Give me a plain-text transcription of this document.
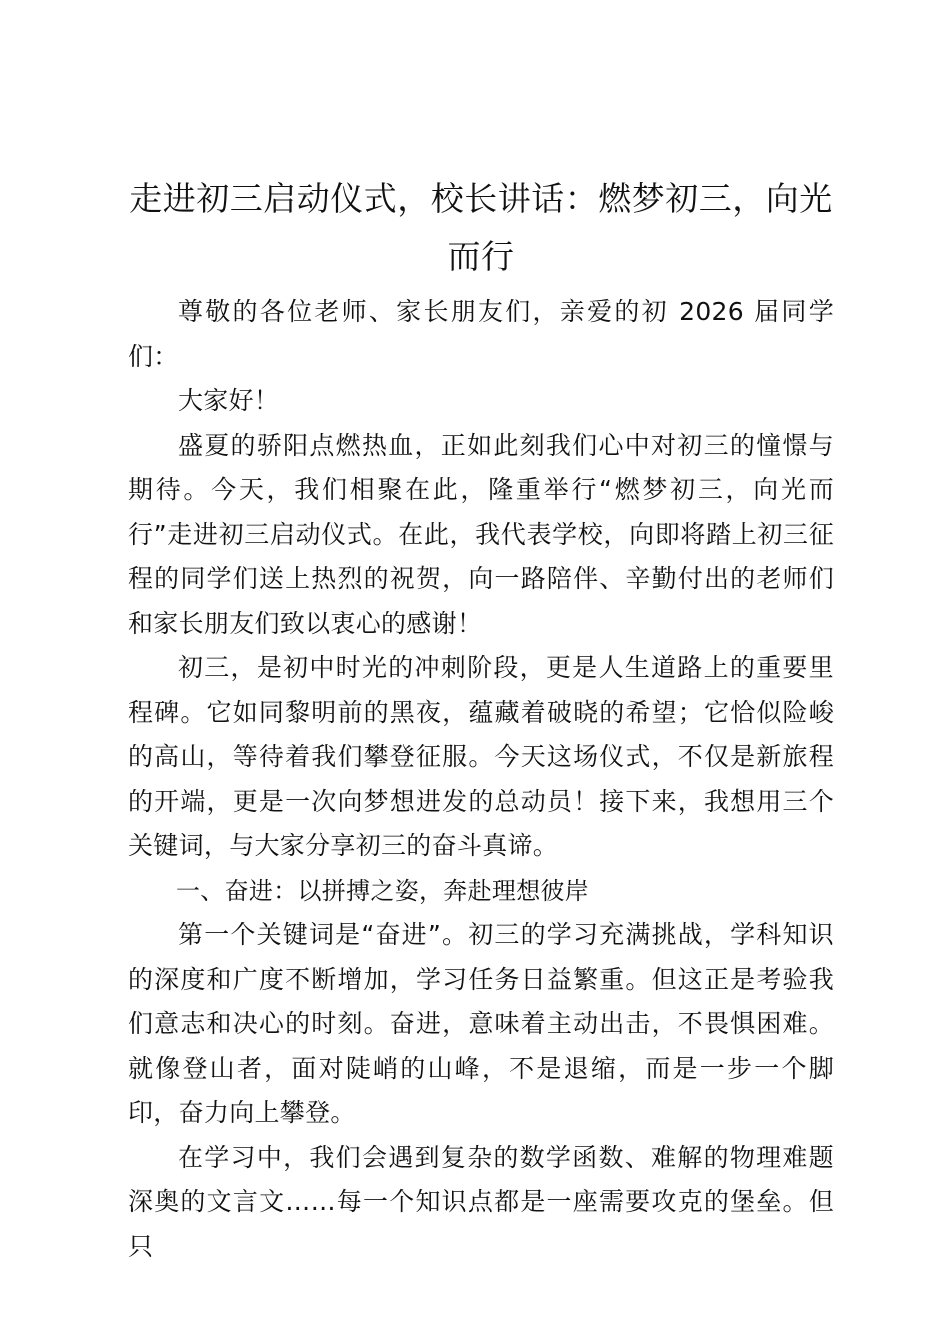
走进初三启动仪式，校长讲话：燃梦初三，向光而行

尊敬的各位老师、家长朋友们，亲爱的初 2026 届同学们：

大家好！

盛夏的骄阳点燃热血，正如此刻我们心中对初三的憧憬与期待。今天，我们相聚在此，隆重举行“燃梦初三，向光而行”走进初三启动仪式。在此，我代表学校，向即将踏上初三征程的同学们送上热烈的祝贺，向一路陪伴、辛勤付出的老师们和家长朋友们致以衷心的感谢！

初三，是初中时光的冲刺阶段，更是人生道路上的重要里程碑。它如同黎明前的黑夜，蕴藏着破晓的希望；它恰似险峻的高山，等待着我们攀登征服。今天这场仪式，不仅是新旅程的开端，更是一次向梦想进发的总动员！接下来，我想用三个关键词，与大家分享初三的奋斗真谛。

一、奋进：以拼搏之姿，奔赴理想彼岸

第一个关键词是“奋进”。初三的学习充满挑战，学科知识的深度和广度不断增加，学习任务日益繁重。但这正是考验我们意志和决心的时刻。奋进，意味着主动出击，不畏惧困难。就像登山者，面对陡峭的山峰，不是退缩，而是一步一个脚印，奋力向上攀登。

在学习中，我们会遇到复杂的数学函数、难解的物理难题深奥的文言文……每一个知识点都是一座需要攻克的堡垒。但只
